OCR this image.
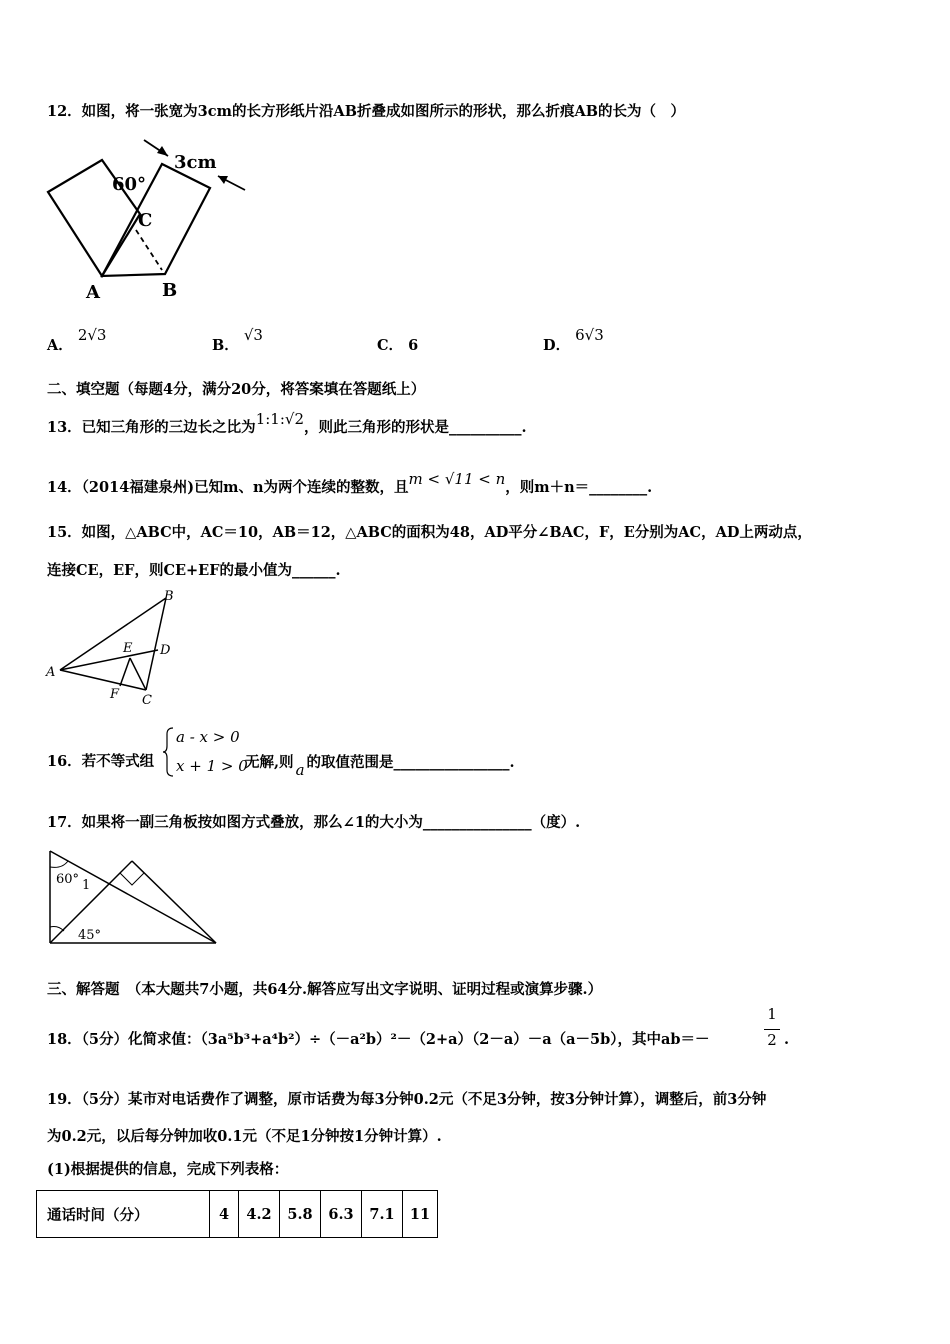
12．如图，将一张宽为3cm的长方形纸片沿AB折叠成如图所示的形状，那么折痕AB的长为（　）
3cm
60°
C
A	B
A． 2√3
B． √3
C． 6	D． 6√3
二、填空题（每题4分，满分20分，将答案填在答题纸上）
13．已知三角形的三边长之比为1:1:√2，则此三角形的形状是__________.
14．（2014福建泉州)已知m、n为两个连续的整数，且m < √11 < n，则m＋n＝________.
15．如图，△ABC中，AC＝10，AB＝12，△ABC的面积为48，AD平分∠BAC，F，E分别为AC，AD上两动点，
连接CE，EF，则CE+EF的最小值为______.
A
B
C
D
E
F
16．若不等式组
a - x > 0
x + 1 > 0
无解,则 a 的取值范围是________________.
17．如果将一副三角板按如图方式叠放，那么∠1的大小为_______________（度）.
60° 1
45°
三、解答题　（本大题共7小题，共64分.解答应写出文字说明、证明过程或演算步骤.）
18．（5分）化简求值：（3a⁵b³+a⁴b²）÷（－a²b）²－（2+a）（2－a）－a（a－5b），其中ab＝－
1
2 .
19．（5分）某市对电话费作了调整，原市话费为每3分钟0.2元（不足3分钟，按3分钟计算），调整后，前3分钟
为0.2元，以后每分钟加收0.1元（不足1分钟按1分钟计算）.
(1)根据提供的信息，完成下列表格：
通话时间（分）	4	4.2	5.8	6.3	7.1	11
